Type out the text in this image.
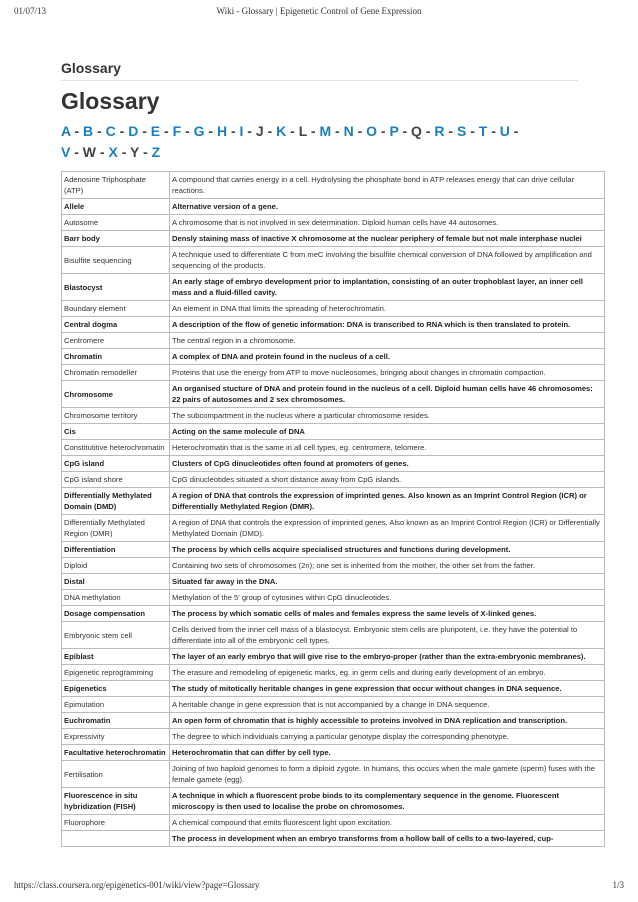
01/07/13	Wiki - Glossary | Epigenetic Control of Gene Expression
Glossary
Glossary
A - B - C - D - E - F - G - H - I - J - K - L - M - N - O - P - Q - R - S - T - U -
V - W - X - Y - Z
Adenosine Triphosphate (ATP)	A compound that carries energy in a cell. Hydrolysing the phosphate bond in ATP releases energy that can drive cellular reactions.
Allele	Alternative version of a gene.
Autosome	A chromosome that is not involved in sex determination. Diploid human cells have 44 autosomes.
Barr body	Densly staining mass of inactive X chromosome at the nuclear periphery of female but not male interphase nuclei
Bisulfite sequencing	A technique used to differentiate C from meC involving the bisulfite chemical conversion of DNA followed by amplification and sequencing of the products.
Blastocyst	An early stage of embryo development prior to implantation, consisting of an outer trophoblast layer, an inner cell mass and a fluid-filled cavity.
Boundary element	An element in DNA that limits the spreading of heterochromatin.
Central dogma	A description of the flow of genetic information: DNA is transcribed to RNA which is then translated to protein.
Centromere	The central region in a chromosome.
Chromatin	A complex of DNA and protein found in the nucleus of a cell.
Chromatin remodeller	Proteins that use the energy from ATP to move nucleosomes, bringing about changes in chromatin compaction.
Chromosome	An organised stucture of DNA and protein found in the nucleus of a cell. Diploid human cells have 46 chromosomes: 22 pairs of autosomes and 2 sex chromosomes.
Chromosome territory	The subcompartment in the nucleus where a particular chromosome resides.
Cis	Acting on the same molecule of DNA
Constitutitive heterochromatin	Heterochromatin that is the same in all cell types, eg. centromere, telomere.
CpG island	Clusters of CpG dinucleotides often found at promoters of genes.
CpG island shore	CpG dinucleotides situated a short distance away from CpG islands.
Differentially Methylated Domain (DMD)	A region of DNA that controls the expression of imprinted genes. Also known as an Imprint Control Region (ICR) or Differentially Methylated Region (DMR).
Differentially Methylated Region (DMR)	A region of DNA that controls the expression of imprinted genes. Also known as an Imprint Control Region (ICR) or Differentially Methylated Domain (DMD).
Differentiation	The process by which cells acquire specialised structures and functions during development.
Diploid	Containing two sets of chromosomes (2n); one set is inherited from the mother, the other set from the father.
Distal	Situated far away in the DNA.
DNA methylation	Methylation of the 5' group of cytosines within CpG dinucleotides.
Dosage compensation	The process by which somatic cells of males and females express the same levels of X-linked genes.
Embryonic stem cell	Cells derived from the inner cell mass of a blastocyst. Embryonic stem cells are pluripotent, i.e. they have the potential to differentiate into all of the embryonic cell types.
Epiblast	The layer of an early embryo that will give rise to the embryo-proper (rather than the extra-embryonic membranes).
Epigenetic reprogramming	The erasure and remodeling of epigenetic marks, eg. in germ cells and during early development of an embryo.
Epigenetics	The study of mitotically heritable changes in gene expression that occur without changes in DNA sequence.
Epimutation	A heritable change in gene expression that is not accompanied by a change in DNA sequence.
Euchromatin	An open form of chromatin that is highly accessible to proteins involved in DNA replication and transcription.
Expressivity	The degree to which individuals carrying a particular genotype display the corresponding phenotype.
Facultative heterochromatin	Heterochromatin that can differ by cell type.
Fertilisation	Joining of two haploid genomes to form a diploid zygote. In humans, this occurs when the male gamete (sperm) fuses with the female gamete (egg).
Fluorescence in situ hybridization (FISH)	A technique in which a fluorescent probe binds to its complementary sequence in the genome. Fluorescent microscopy is then used to localise the probe on chromosomes.
Fluorophore	A chemical compound that emits fluorescent light upon excitation.
	The process in development when an embryo transforms from a hollow ball of cells to a two-layered, cup-
https://class.coursera.org/epigenetics-001/wiki/view?page=Glossary	1/3
